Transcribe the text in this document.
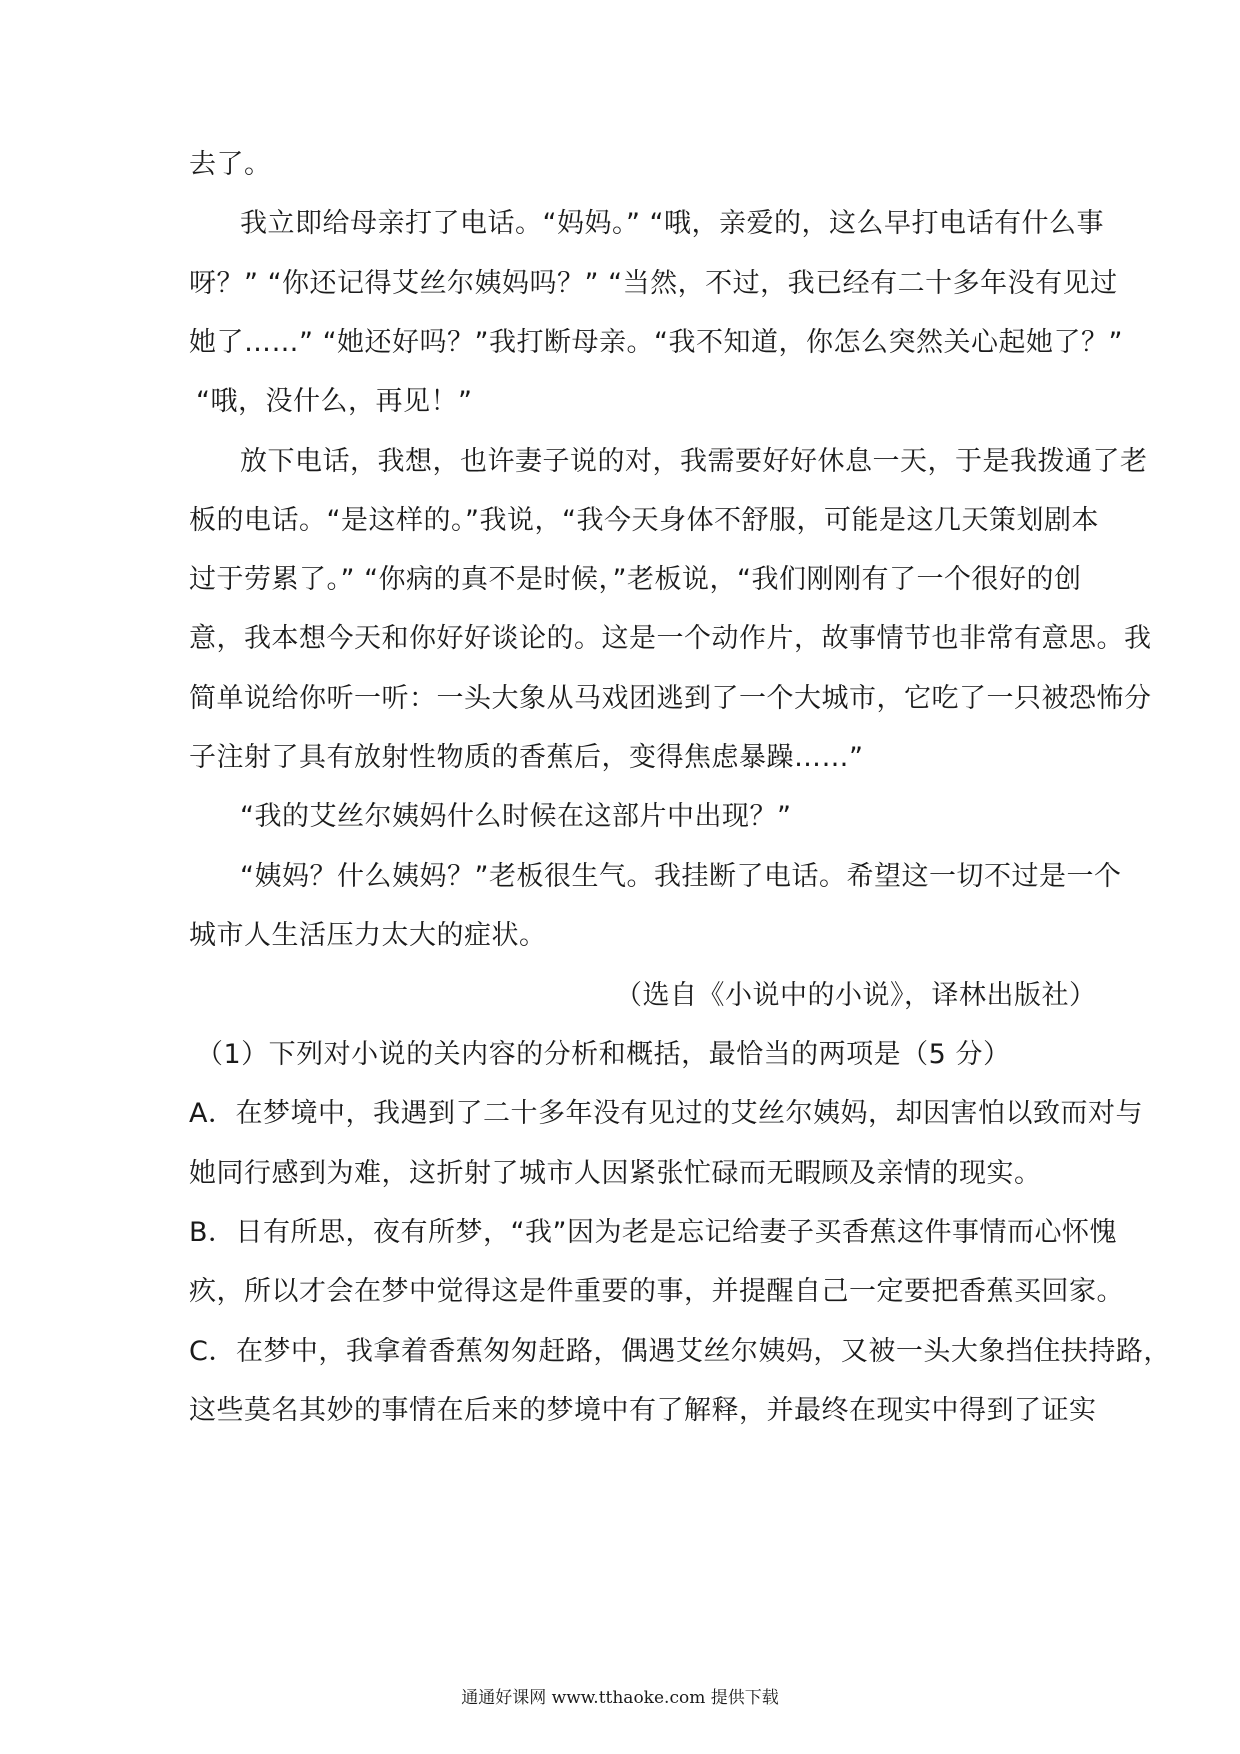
去了。
我立即给母亲打了电话。“妈妈。” “哦，亲爱的，这么早打电话有什么事
呀？” “你还记得艾丝尔姨妈吗？” “当然，不过，我已经有二十多年没有见过
她了……” “她还好吗？”我打断母亲。“我不知道，你怎么突然关心起她了？”
“哦，没什么，再见！”
放下电话，我想，也许妻子说的对，我需要好好休息一天，于是我拨通了老
板的电话。“是这样的。”我说，“我今天身体不舒服，可能是这几天策划剧本
过于劳累了。” “你病的真不是时候，”老板说，“我们刚刚有了一个很好的创
意，我本想今天和你好好谈论的。这是一个动作片，故事情节也非常有意思。我
简单说给你听一听：一头大象从马戏团逃到了一个大城市，它吃了一只被恐怖分
子注射了具有放射性物质的香蕉后，变得焦虑暴躁……”
“我的艾丝尔姨妈什么时候在这部片中出现？”
“姨妈？什么姨妈？”老板很生气。我挂断了电话。希望这一切不过是一个
城市人生活压力太大的症状。
（选自《小说中的小说》，译林出版社）
（1）下列对小说的关内容的分析和概括，最恰当的两项是（5 分）
A．在梦境中，我遇到了二十多年没有见过的艾丝尔姨妈，却因害怕以致而对与
她同行感到为难，这折射了城市人因紧张忙碌而无暇顾及亲情的现实。
B．日有所思，夜有所梦，“我”因为老是忘记给妻子买香蕉这件事情而心怀愧
疚，所以才会在梦中觉得这是件重要的事，并提醒自己一定要把香蕉买回家。
C．在梦中，我拿着香蕉匆匆赶路，偶遇艾丝尔姨妈，又被一头大象挡住扶持路，
这些莫名其妙的事情在后来的梦境中有了解释，并最终在现实中得到了证实
通通好课网 www.tthaoke.com 提供下载
